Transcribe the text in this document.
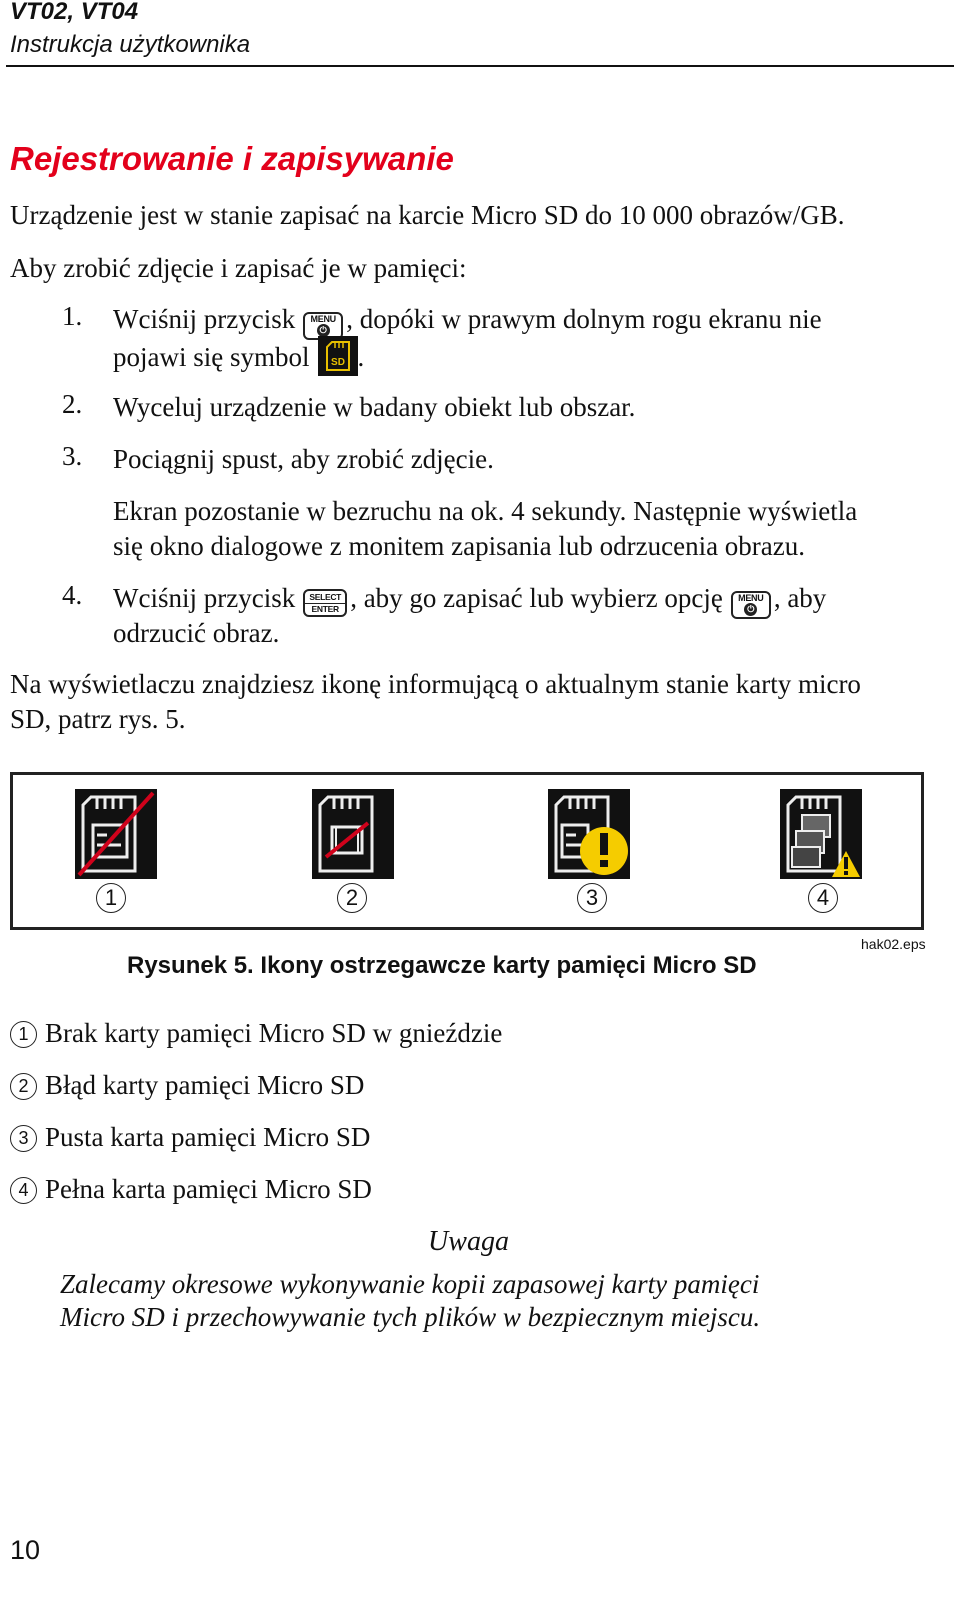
VT02, VT04
Instrukcja użytkownika
Rejestrowanie i zapisywanie
Urządzenie jest w stanie zapisać na karcie Micro SD do 10 000 obrazów/GB.
Aby zrobić zdjęcie i zapisać je w pamięci:
1. Wciśnij przycisk	MENU
⏻ , dopóki w prawym dolnym rogu ekranu nie
pojawi się symbol SD .
2. Wyceluj urządzenie w badany obiekt lub obszar.
3. Pociągnij spust, aby zrobić zdjęcie.
Ekran pozostanie w bezruchu na ok. 4 sekundy. Następnie wyświetla
się okno dialogowe z monitem zapisania lub odrzucenia obrazu.
4. Wciśnij przycisk	SELECT
ENTER , aby go zapisać lub wybierz opcję	MENU
⏻ , aby
odrzucić obraz.
Na wyświetlaczu znajdziesz ikonę informującą o aktualnym stanie karty micro
SD, patrz rys. 5.
1	2	3	4
hak02.eps
Rysunek 5. Ikony ostrzegawcze karty pamięci Micro SD
1 Brak karty pamięci Micro SD w gnieździe
2 Błąd karty pamięci Micro SD
3 Pusta karta pamięci Micro SD
4 Pełna karta pamięci Micro SD
Uwaga
Zalecamy okresowe wykonywanie kopii zapasowej karty pamięci
Micro SD i przechowywanie tych plików w bezpiecznym miejscu.
10
